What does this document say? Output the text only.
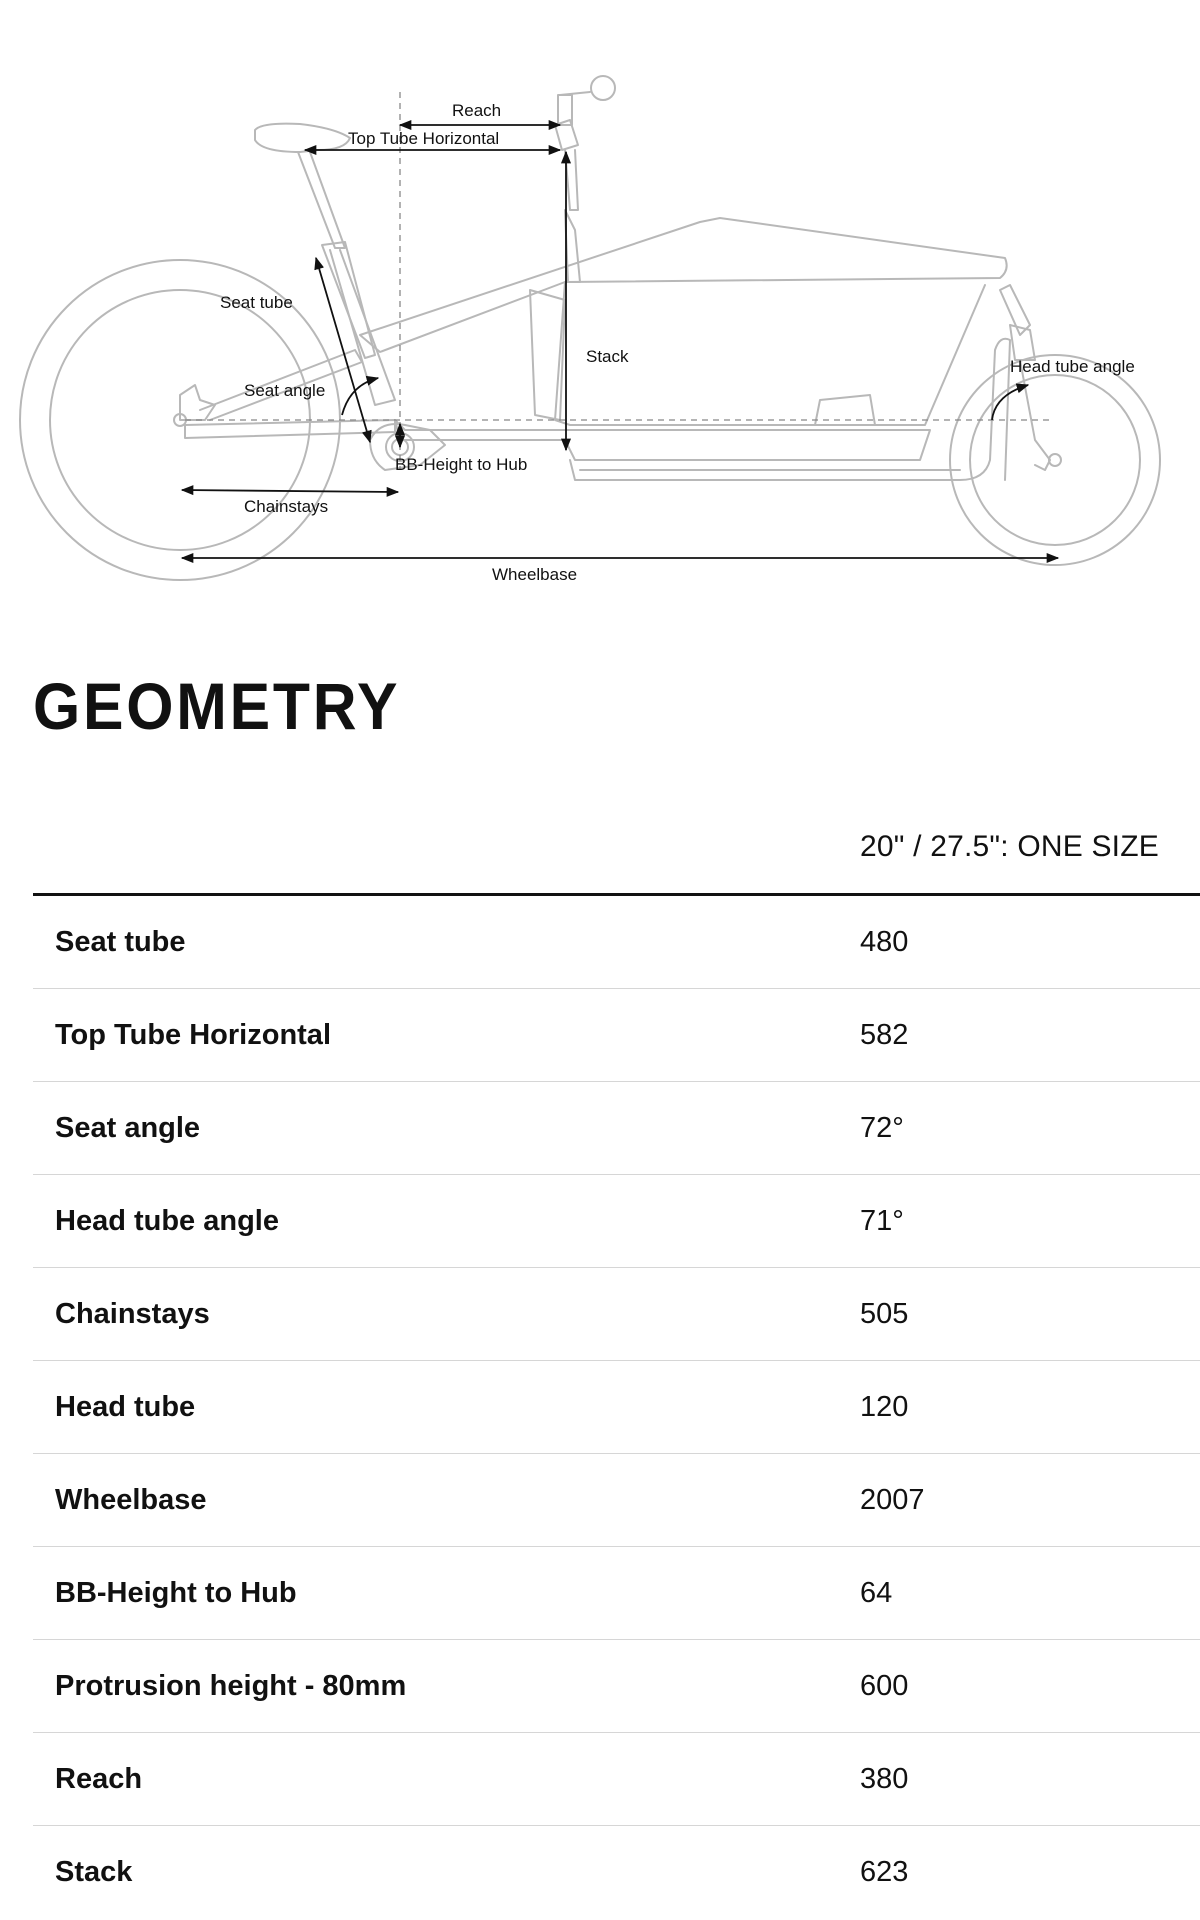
Reach
Top Tube Horizontal
Seat tube
Stack
Head tube angle
Seat angle
BB-Height to Hub
Chainstays
Wheelbase
GEOMETRY
20" / 27.5": ONE SIZE
Seat tube	480
Top Tube Horizontal	582
Seat angle	72°
Head tube angle	71°
Chainstays	505
Head tube	120
Wheelbase	2007
BB-Height to Hub	64
Protrusion height - 80mm	600
Reach	380
Stack	623
